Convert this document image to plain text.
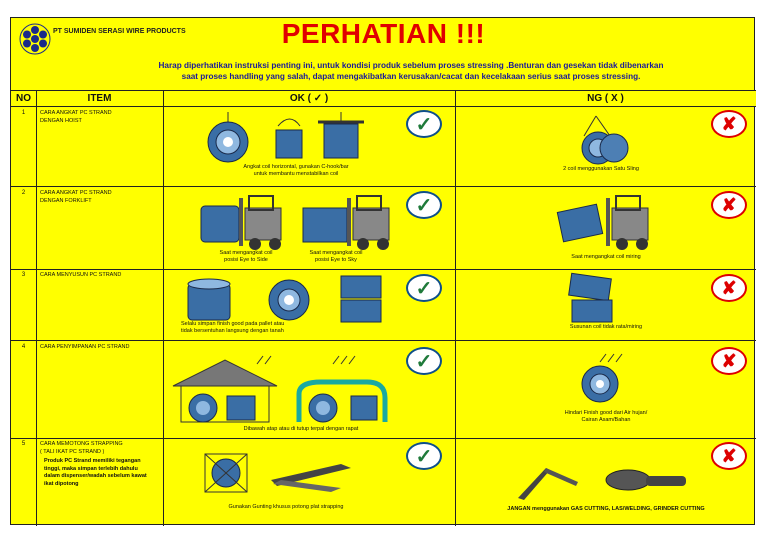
PT SUMIDEN SERASI WIRE PRODUCTS	PERHATIAN !!!
Harap diperhatikan instruksi penting ini, untuk kondisi produk sebelum proses stressing .Benturan dan gesekan tidak dibenarkan
saat proses handling yang salah, dapat mengakibatkan kerusakan/cacat dan kecelakaan serius saat proses stressing.
NO	ITEM	OK ( ✓ )	NG ( X )
1	CARA ANGKAT PC STRAND
DENGAN HOIST
Angkat coil horizontal, gunakan C-hook/bar
untuk membantu menstabilkan coil
✓
2 coil menggunakan Satu Sling
✘
2	CARA ANGKAT PC STRAND
DENGAN FORKLIFT
Saat mengangkat coil
posisi Eye to Side
Saat mengangkat coil
posisi Eye to Sky
✓
Saat mengangkat coil miring
✘
3	CARA MENYUSUN PC STRAND
Selalu simpan finish good pada pallet atau
tidak bersentuhan langsung dengan tanah
✓
Susunan coil tidak rata/miring
✘
4	CARA PENYIMPANAN PC STRAND
Dibawah atap atau di tutup terpal dengan rapat
✓
Hindari Finish good dari Air hujan/
Cairan Asam/Bahan
✘
5	CARA MEMOTONG STRAPPING
( TALI IKAT PC STRAND )
Produk PC Strand memiliki tegangan tinggi, maka simpan terlebih dahulu dalam dispenser/wadah sebelum kawat ikat dipotong
Gunakan Gunting khusus potong plat strapping
✓
JANGAN menggunakan GAS CUTTING, LAS/WELDING, GRINDER CUTTING
✘
